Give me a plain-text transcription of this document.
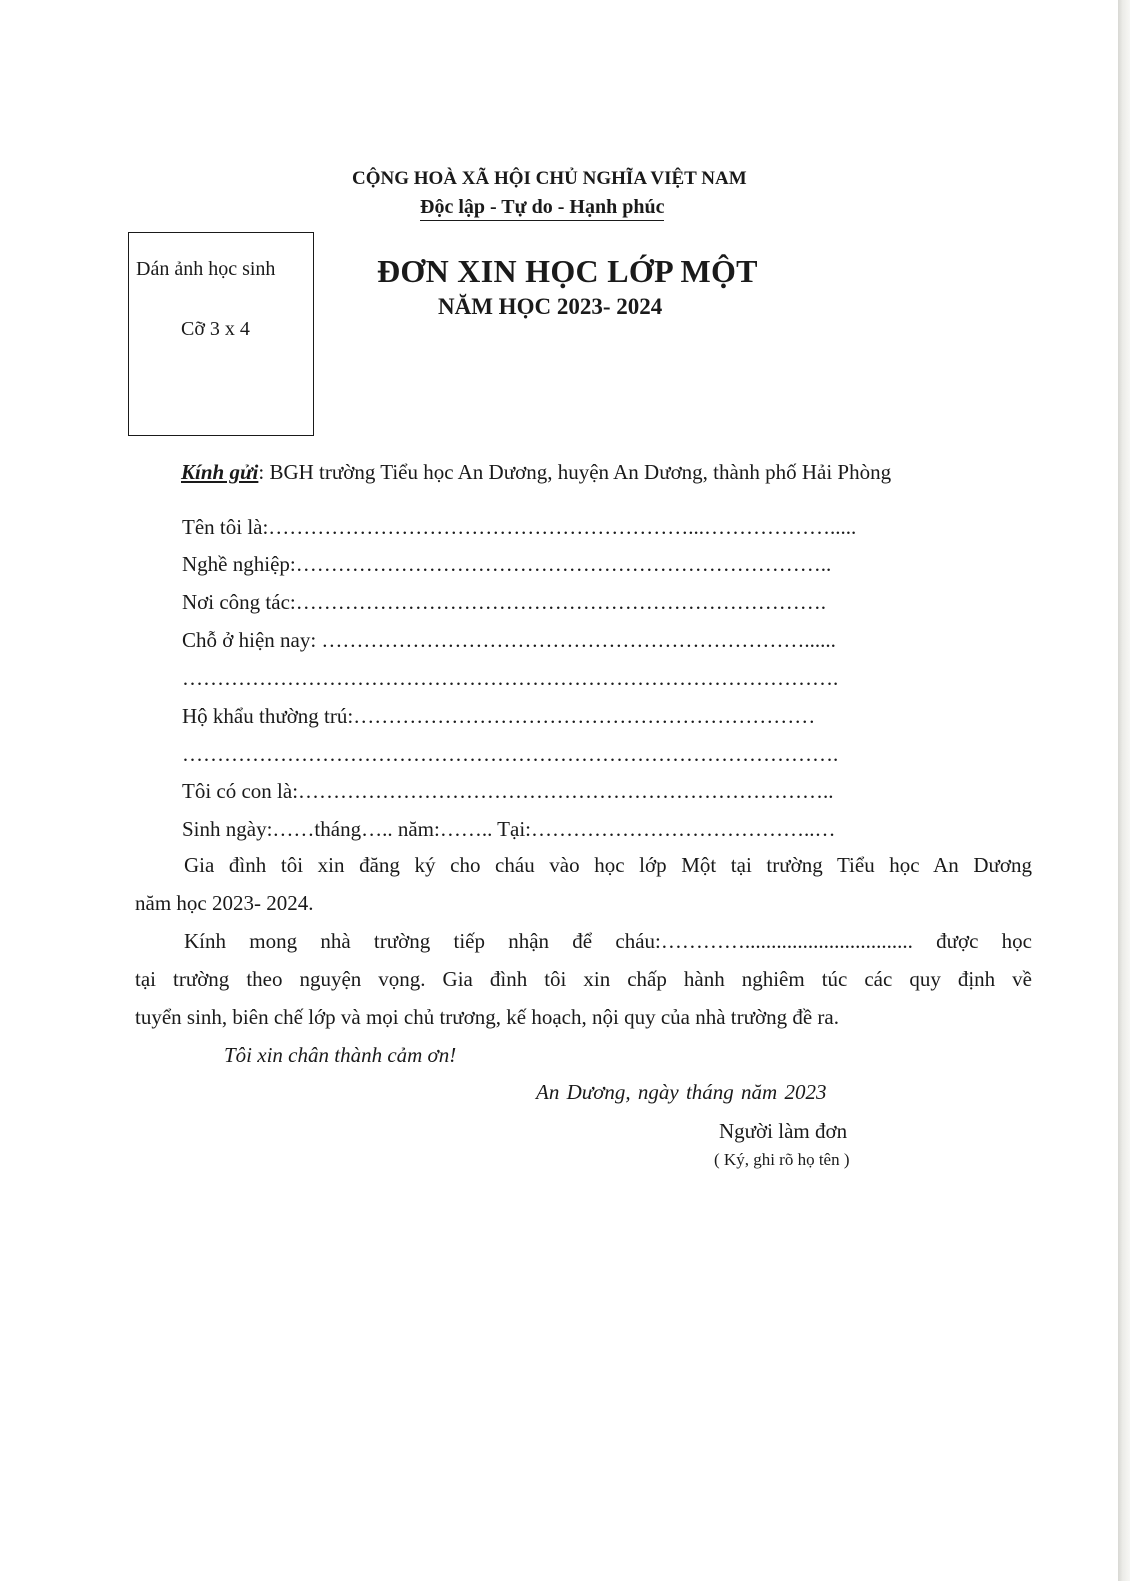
CỘNG HOÀ XÃ HỘI CHỦ NGHĨA VIỆT NAM
Độc lập - Tự do - Hạnh phúc
Dán ảnh học sinh
Cỡ 3 x 4
ĐƠN XIN HỌC LỚP MỘT
NĂM HỌC 2023- 2024
Kính gửi: BGH trường Tiểu học An Dương, huyện An Dương, thành phố Hải Phòng
Tên tôi là:……………………………………………………...……………….....
Nghề nghiệp:…………………………………………………………………..
Nơi công tác:………………………………………………………………….
Chỗ ở hiện nay: ……………………………………………………………......
………………………………………………………………………………….
Hộ khẩu thường trú:…………………………………………………………
………………………………………………………………………………….
Tôi có con là:…………………………………………………………………..
Sinh ngày:……tháng….. năm:…….. Tại:…………………………………..…
Gia đình tôi xin đăng ký cho cháu vào học lớp Một tại trường Tiểu học An Dương
năm học 2023- 2024.
Kính mong nhà trường tiếp nhận để cháu:…………................................ được học
tại trường theo nguyện vọng. Gia đình tôi xin chấp hành nghiêm túc các quy định về
tuyển sinh, biên chế lớp và mọi chủ trương, kế hoạch, nội quy của nhà trường đề ra.
Tôi xin chân thành cảm ơn!
An Dương, ngày tháng năm 2023
Người làm đơn
( Ký, ghi rõ họ tên )
